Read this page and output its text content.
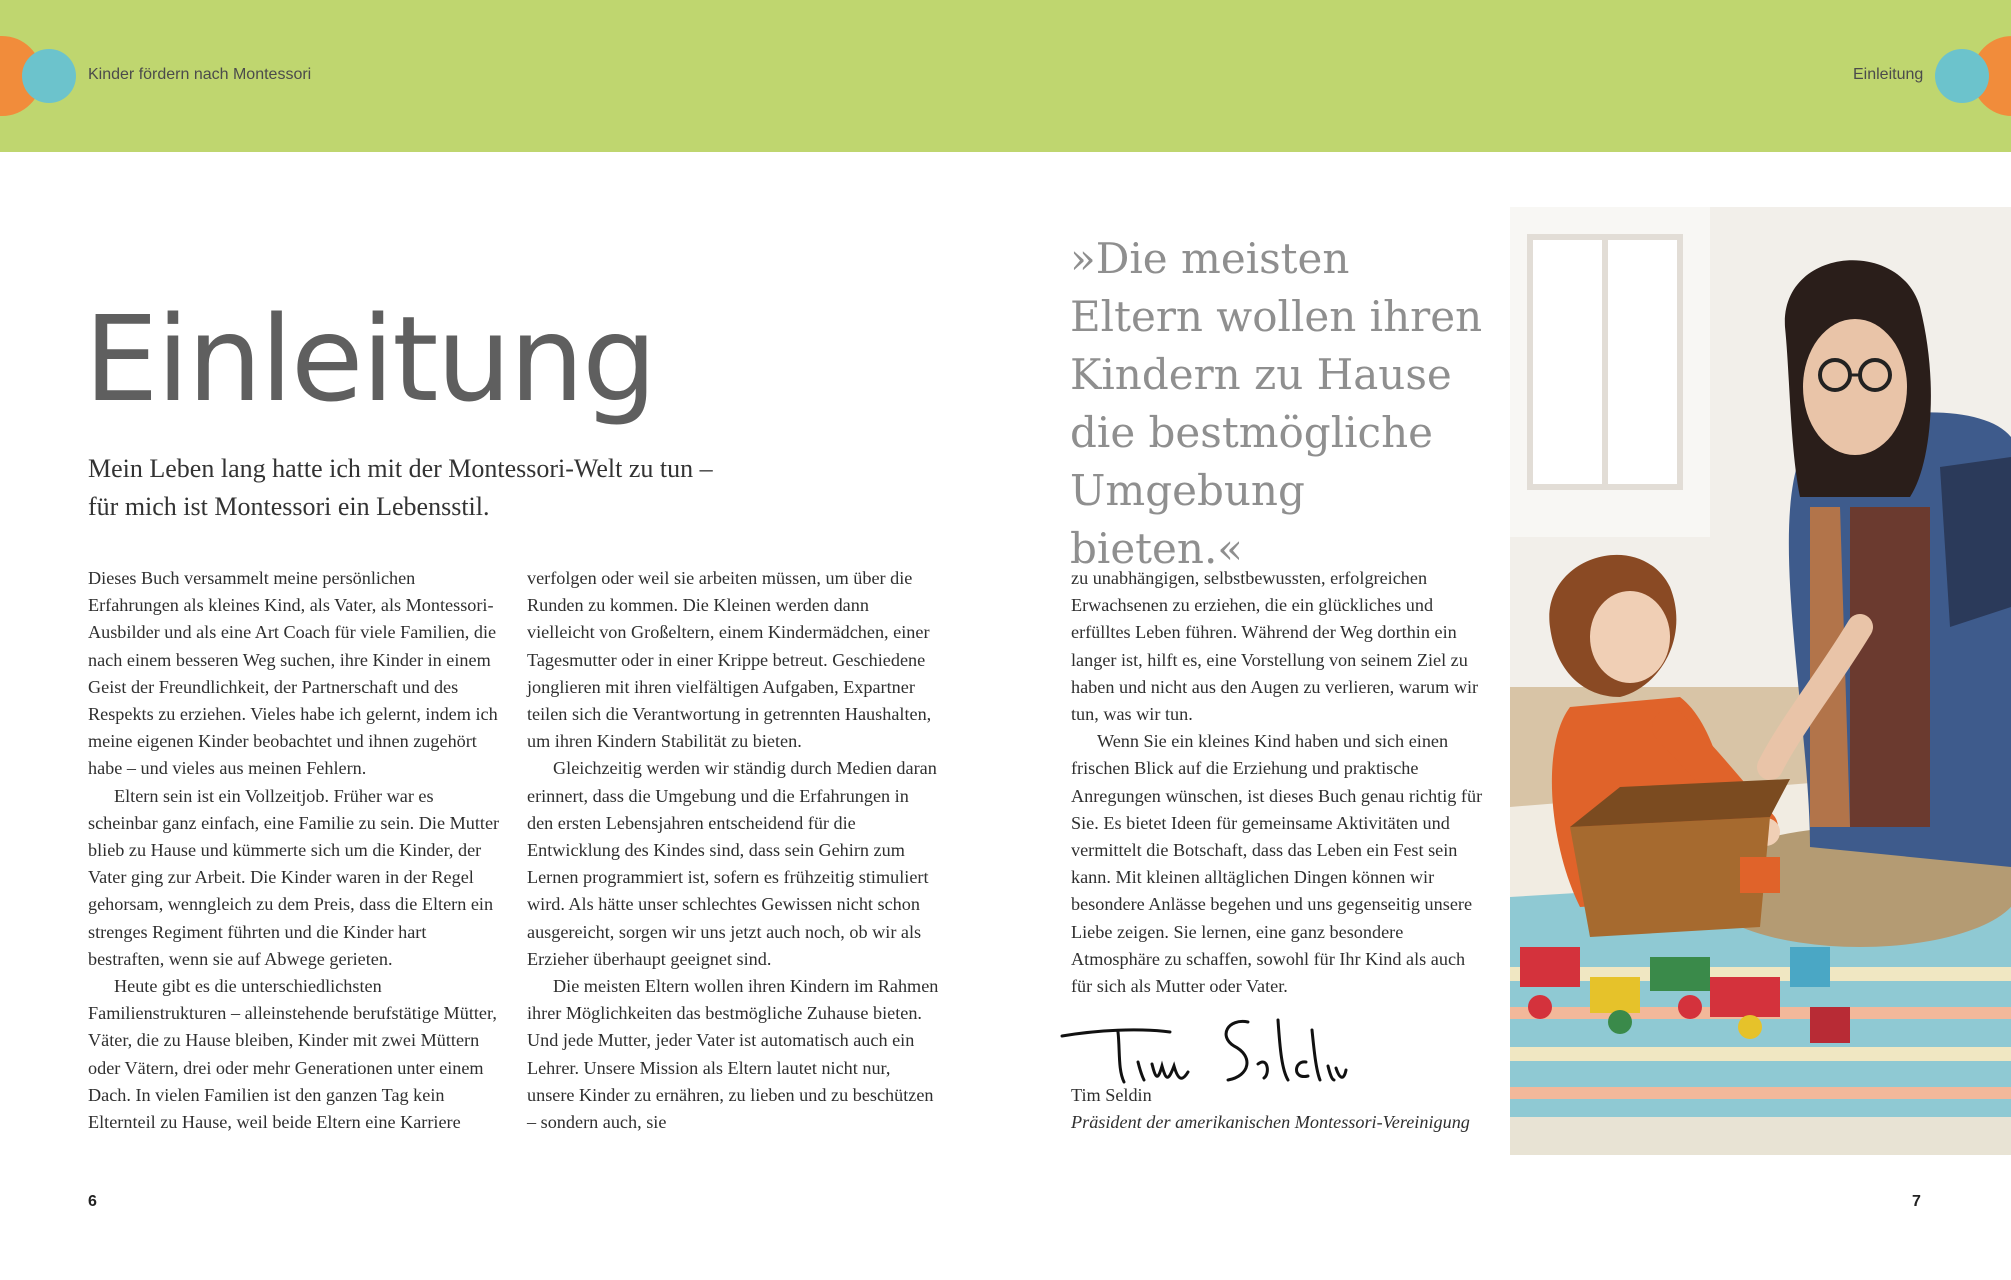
Kinder fördern nach Montessori	Einleitung
Einleitung
Mein Leben lang hatte ich mit der Montessori-Welt zu tun –
für mich ist Montessori ein Lebensstil.

Dieses Buch versammelt meine persönlichen Erfahrungen als kleines Kind, als Vater, als Montessori-Ausbilder und als eine Art Coach für viele Familien, die nach einem besseren Weg suchen, ihre Kinder in einem Geist der Freundlichkeit, der Partnerschaft und des Respekts zu erziehen. Vieles habe ich gelernt, indem ich meine eigenen Kinder beobachtet und ihnen zugehört habe – und vieles aus meinen Fehlern.

Eltern sein ist ein Vollzeitjob. Früher war es scheinbar ganz einfach, eine Familie zu sein. Die Mutter blieb zu Hause und kümmerte sich um die Kinder, der Vater ging zur Arbeit. Die Kinder waren in der Regel gehorsam, wenngleich zu dem Preis, dass die Eltern ein strenges Regiment führten und die Kinder hart bestraften, wenn sie auf Abwege gerieten.

Heute gibt es die unterschiedlichsten Familienstrukturen – alleinstehende berufstätige Mütter, Väter, die zu Hause bleiben, Kinder mit zwei Müttern oder Vätern, drei oder mehr Generationen unter einem Dach. In vielen Familien ist den ganzen Tag kein Elternteil zu Hause, weil beide Eltern eine Karriere

verfolgen oder weil sie arbeiten müssen, um über die Runden zu kommen. Die Kleinen werden dann vielleicht von Großeltern, einem Kindermädchen, einer Tagesmutter oder in einer Krippe betreut. Geschiedene jonglieren mit ihren vielfältigen Aufgaben, Expartner teilen sich die Verantwortung in getrennten Haushalten, um ihren Kindern Stabilität zu bieten.

Gleichzeitig werden wir ständig durch Medien daran erinnert, dass die Umgebung und die Erfahrungen in den ersten Lebensjahren entscheidend für die Entwicklung des Kindes sind, dass sein Gehirn zum Lernen programmiert ist, sofern es frühzeitig stimuliert wird. Als hätte unser schlechtes Gewissen nicht schon ausgereicht, sorgen wir uns jetzt auch noch, ob wir als Erzieher überhaupt geeignet sind.

Die meisten Eltern wollen ihren Kindern im Rahmen ihrer Möglichkeiten das bestmögliche Zuhause bieten. Und jede Mutter, jeder Vater ist automatisch auch ein Lehrer. Unsere Mission als Eltern lautet nicht nur, unsere Kinder zu ernähren, zu lieben und zu beschützen – sondern auch, sie

6
»Die meisten Eltern wollen ihren Kindern zu Hause die bestmögliche Umgebung bieten.«

zu unabhängigen, selbstbewussten, erfolgreichen Erwachsenen zu erziehen, die ein glückliches und erfülltes Leben führen. Während der Weg dorthin ein langer ist, hilft es, eine Vorstellung von seinem Ziel zu haben und nicht aus den Augen zu verlieren, warum wir tun, was wir tun.

Wenn Sie ein kleines Kind haben und sich einen frischen Blick auf die Erziehung und praktische Anregungen wünschen, ist dieses Buch genau richtig für Sie. Es bietet Ideen für gemeinsame Aktivitäten und vermittelt die Botschaft, dass das Leben ein Fest sein kann. Mit kleinen alltäglichen Dingen können wir besondere Anlässe begehen und uns gegenseitig unsere Liebe zeigen. Sie lernen, eine ganz besondere Atmosphäre zu schaffen, sowohl für Ihr Kind als auch für sich als Mutter oder Vater.

Tim Seldin
Präsident der amerikanischen Montessori-Vereinigung
7
